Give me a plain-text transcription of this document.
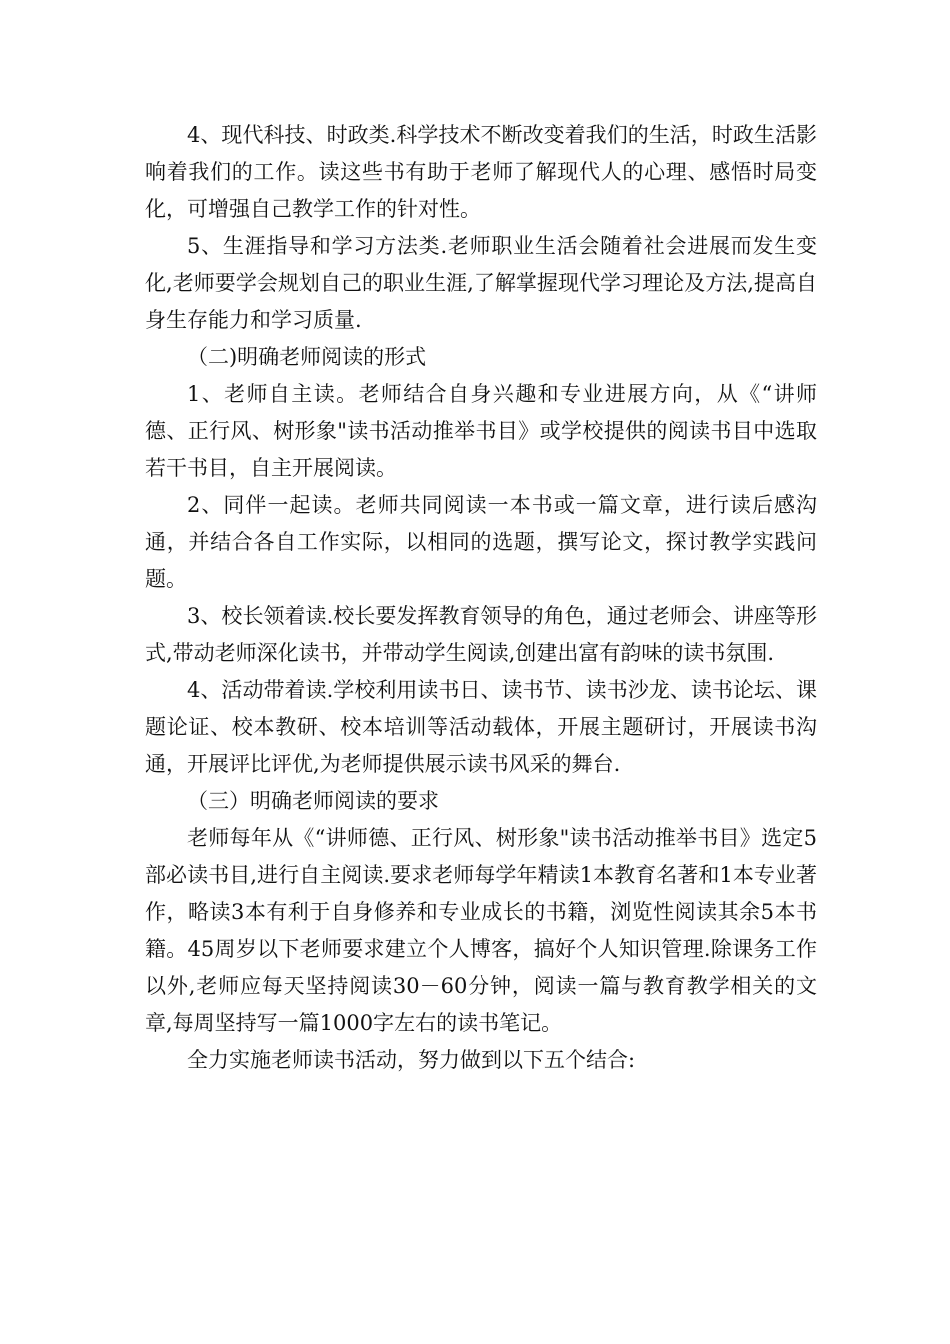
4、现代科技、时政类.科学技术不断改变着我们的生活，时政生活影响着我们的工作。读这些书有助于老师了解现代人的心理、感悟时局变化，可增强自己教学工作的针对性。

5、生涯指导和学习方法类.老师职业生活会随着社会进展而发生变化,老师要学会规划自己的职业生涯,了解掌握现代学习理论及方法,提高自身生存能力和学习质量.

（二)明确老师阅读的形式

1、老师自主读。老师结合自身兴趣和专业进展方向，从《“讲师德、正行风、树形象"读书活动推举书目》或学校提供的阅读书目中选取若干书目，自主开展阅读。

2、同伴一起读。老师共同阅读一本书或一篇文章，进行读后感沟通，并结合各自工作实际，以相同的选题，撰写论文，探讨教学实践问题。

3、校长领着读.校长要发挥教育领导的角色，通过老师会、讲座等形式,带动老师深化读书，并带动学生阅读,创建出富有韵味的读书氛围.

4、活动带着读.学校利用读书日、读书节、读书沙龙、读书论坛、课题论证、校本教研、校本培训等活动载体，开展主题研讨，开展读书沟通，开展评比评优,为老师提供展示读书风采的舞台.

（三）明确老师阅读的要求

老师每年从《“讲师德、正行风、树形象"读书活动推举书目》选定5部必读书目,进行自主阅读.要求老师每学年精读1本教育名著和1本专业著作，略读3本有利于自身修养和专业成长的书籍，浏览性阅读其余5本书籍。45周岁以下老师要求建立个人博客，搞好个人知识管理.除课务工作以外,老师应每天坚持阅读30－60分钟，阅读一篇与教育教学相关的文章,每周坚持写一篇1000字左右的读书笔记。

全力实施老师读书活动，努力做到以下五个结合:
